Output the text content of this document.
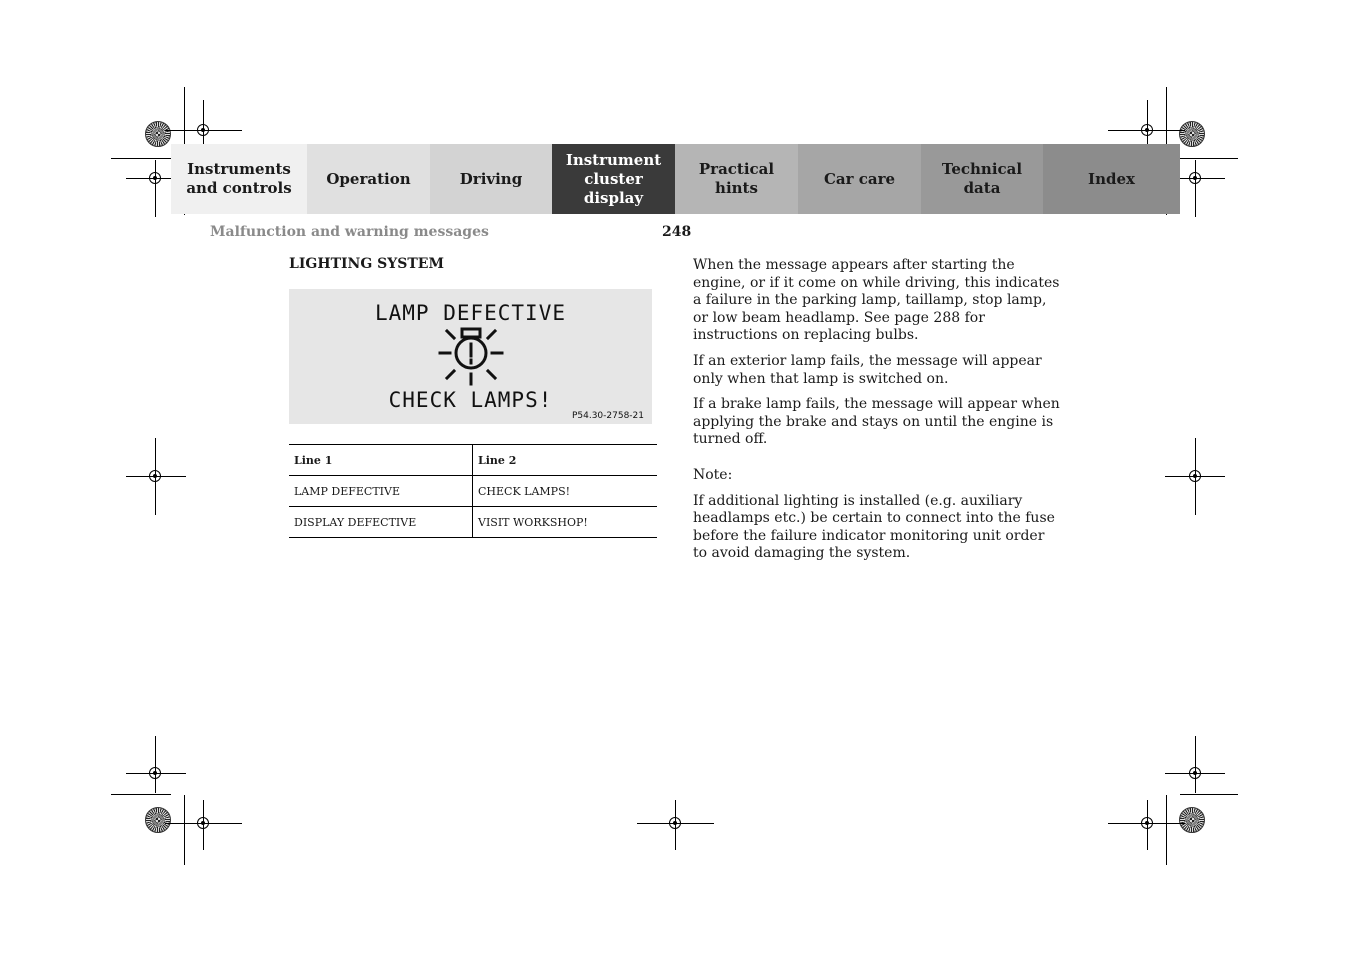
Instruments
and controls
Operation	Driving
Instrument
cluster display
Practical hints
Car care
Technical
data
Index
Malfunction and warning messages	248
LIGHTING SYSTEM
LAMP DEFECTIVE
CHECK LAMPS!
P54.30-2758-21
Line 1	Line 2
LAMP DEFECTIVE	CHECK LAMPS!
DISPLAY DEFECTIVE	VISIT WORKSHOP!

When the message appears after starting the engine, or if it come on while driving, this indicates a failure in the parking lamp, taillamp, stop lamp, or low beam headlamp. See page 288 for instructions on replacing bulbs.

If an exterior lamp fails, the message will appear only when that lamp is switched on.

If a brake lamp fails, the message will appear when applying the brake and stays on until the engine is turned off.

Note:

If additional lighting is installed (e.g. auxiliary headlamps etc.) be certain to connect into the fuse before the failure indicator monitoring unit order to avoid damaging the system.
